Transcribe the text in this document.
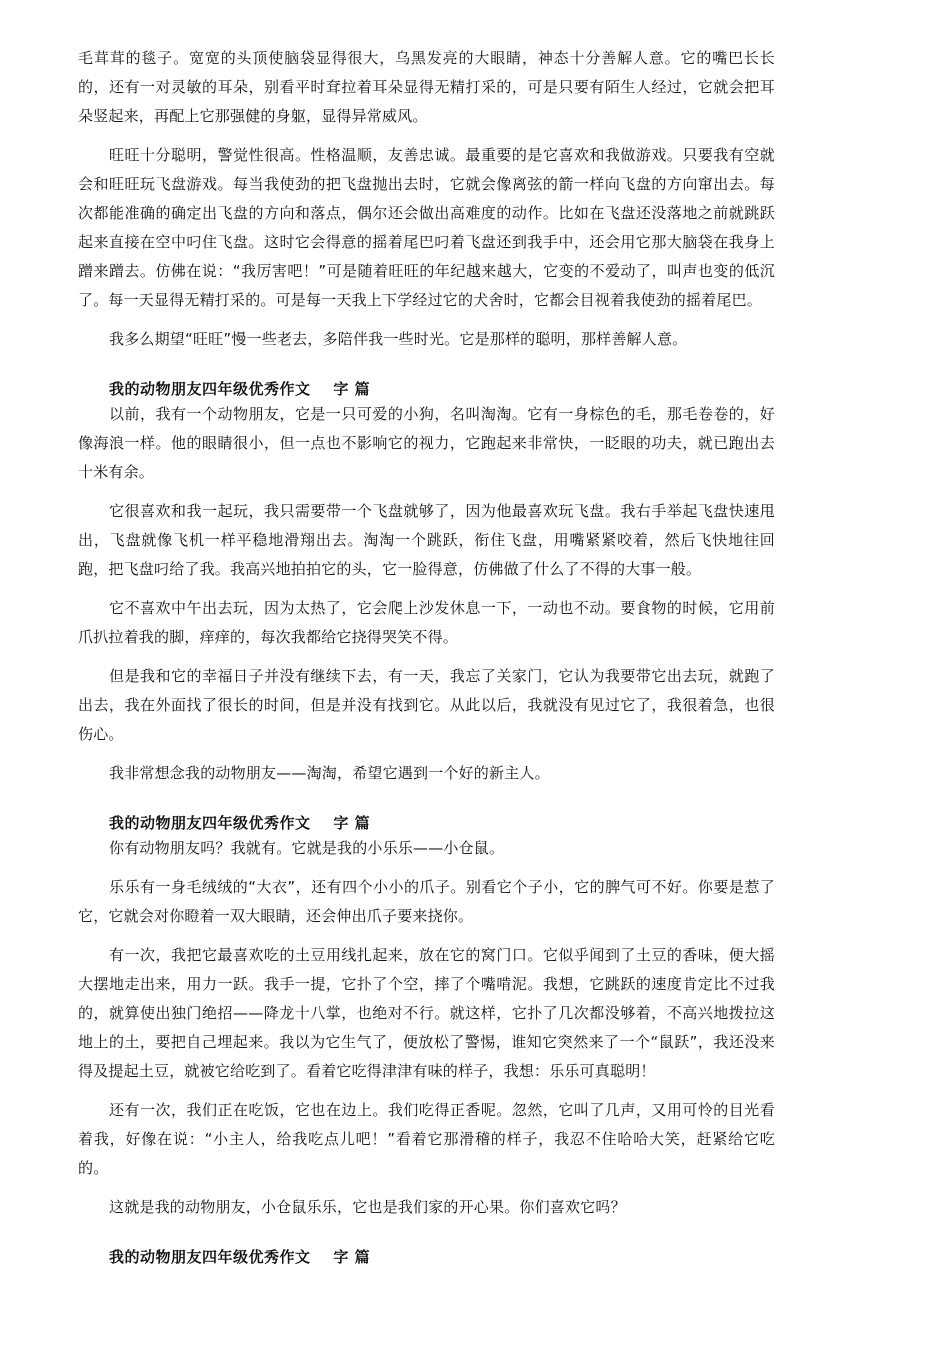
毛茸茸的毯子。宽宽的头顶使脑袋显得很大，乌黑发亮的大眼睛，神态十分善解人意。它的嘴巴长长的，还有一对灵敏的耳朵，别看平时耷拉着耳朵显得无精打采的，可是只要有陌生人经过，它就会把耳朵竖起来，再配上它那强健的身躯，显得异常威风。

旺旺十分聪明，警觉性很高。性格温顺，友善忠诚。最重要的是它喜欢和我做游戏。只要我有空就会和旺旺玩飞盘游戏。每当我使劲的把飞盘抛出去时，它就会像离弦的箭一样向飞盘的方向窜出去。每次都能准确的确定出飞盘的方向和落点，偶尔还会做出高难度的动作。比如在飞盘还没落地之前就跳跃起来直接在空中叼住飞盘。这时它会得意的摇着尾巴叼着飞盘还到我手中，还会用它那大脑袋在我身上蹭来蹭去。仿佛在说：“我厉害吧！”可是随着旺旺的年纪越来越大，它变的不爱动了，叫声也变的低沉了。每一天显得无精打采的。可是每一天我上下学经过它的犬舍时，它都会目视着我使劲的摇着尾巴。

我多么期望“旺旺”慢一些老去，多陪伴我一些时光。它是那样的聪明，那样善解人意。

我的动物朋友四年级优秀作文    字 篇

以前，我有一个动物朋友，它是一只可爱的小狗，名叫淘淘。它有一身棕色的毛，那毛卷卷的，好像海浪一样。他的眼睛很小，但一点也不影响它的视力，它跑起来非常快，一眨眼的功夫，就已跑出去十米有余。

它很喜欢和我一起玩，我只需要带一个飞盘就够了，因为他最喜欢玩飞盘。我右手举起飞盘快速甩出，飞盘就像飞机一样平稳地滑翔出去。淘淘一个跳跃，衔住飞盘，用嘴紧紧咬着，然后飞快地往回跑，把飞盘叼给了我。我高兴地拍拍它的头，它一脸得意，仿佛做了什么了不得的大事一般。

它不喜欢中午出去玩，因为太热了，它会爬上沙发休息一下，一动也不动。要食物的时候，它用前爪扒拉着我的脚，痒痒的，每次我都给它挠得哭笑不得。

但是我和它的幸福日子并没有继续下去，有一天，我忘了关家门，它认为我要带它出去玩，就跑了出去，我在外面找了很长的时间，但是并没有找到它。从此以后，我就没有见过它了，我很着急，也很伤心。

我非常想念我的动物朋友——淘淘，希望它遇到一个好的新主人。

我的动物朋友四年级优秀作文    字 篇

你有动物朋友吗？我就有。它就是我的小乐乐——小仓鼠。

乐乐有一身毛绒绒的“大衣”，还有四个小小的爪子。别看它个子小，它的脾气可不好。你要是惹了它，它就会对你瞪着一双大眼睛，还会伸出爪子要来挠你。

有一次，我把它最喜欢吃的土豆用线扎起来，放在它的窝门口。它似乎闻到了土豆的香味，便大摇大摆地走出来，用力一跃。我手一提，它扑了个空，摔了个嘴啃泥。我想，它跳跃的速度肯定比不过我的，就算使出独门绝招——降龙十八掌，也绝对不行。就这样，它扑了几次都没够着，不高兴地拨拉这地上的土，要把自己埋起来。我以为它生气了，便放松了警惕，谁知它突然来了一个“鼠跃”，我还没来得及提起土豆，就被它给吃到了。看着它吃得津津有味的样子，我想：乐乐可真聪明！

还有一次，我们正在吃饭，它也在边上。我们吃得正香呢。忽然，它叫了几声，又用可怜的目光看着我，好像在说：“小主人，给我吃点儿吧！”看着它那滑稽的样子，我忍不住哈哈大笑，赶紧给它吃的。

这就是我的动物朋友，小仓鼠乐乐，它也是我们家的开心果。你们喜欢它吗？

我的动物朋友四年级优秀作文    字 篇
